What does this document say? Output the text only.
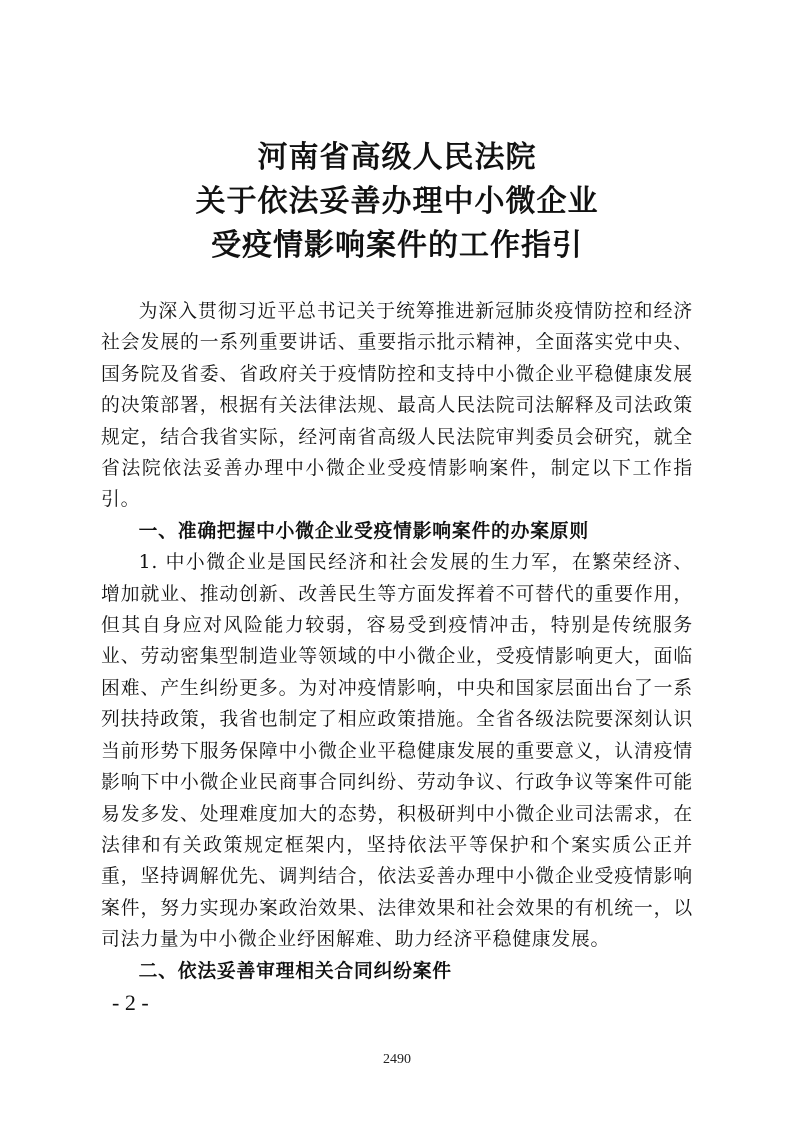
河南省高级人民法院
关于依法妥善办理中小微企业
受疫情影响案件的工作指引

为深入贯彻习近平总书记关于统筹推进新冠肺炎疫情防控和经济社会发展的一系列重要讲话、重要指示批示精神，全面落实党中央、国务院及省委、省政府关于疫情防控和支持中小微企业平稳健康发展的决策部署，根据有关法律法规、最高人民法院司法解释及司法政策规定，结合我省实际，经河南省高级人民法院审判委员会研究，就全省法院依法妥善办理中小微企业受疫情影响案件，制定以下工作指引。

一、准确把握中小微企业受疫情影响案件的办案原则

1. 中小微企业是国民经济和社会发展的生力军，在繁荣经济、增加就业、推动创新、改善民生等方面发挥着不可替代的重要作用，但其自身应对风险能力较弱，容易受到疫情冲击，特别是传统服务业、劳动密集型制造业等领域的中小微企业，受疫情影响更大，面临困难、产生纠纷更多。为对冲疫情影响，中央和国家层面出台了一系列扶持政策，我省也制定了相应政策措施。全省各级法院要深刻认识当前形势下服务保障中小微企业平稳健康发展的重要意义，认清疫情影响下中小微企业民商事合同纠纷、劳动争议、行政争议等案件可能易发多发、处理难度加大的态势，积极研判中小微企业司法需求，在法律和有关政策规定框架内，坚持依法平等保护和个案实质公正并重，坚持调解优先、调判结合，依法妥善办理中小微企业受疫情影响案件，努力实现办案政治效果、法律效果和社会效果的有机统一，以司法力量为中小微企业纾困解难、助力经济平稳健康发展。

二、依法妥善审理相关合同纠纷案件
- 2 -
2490
